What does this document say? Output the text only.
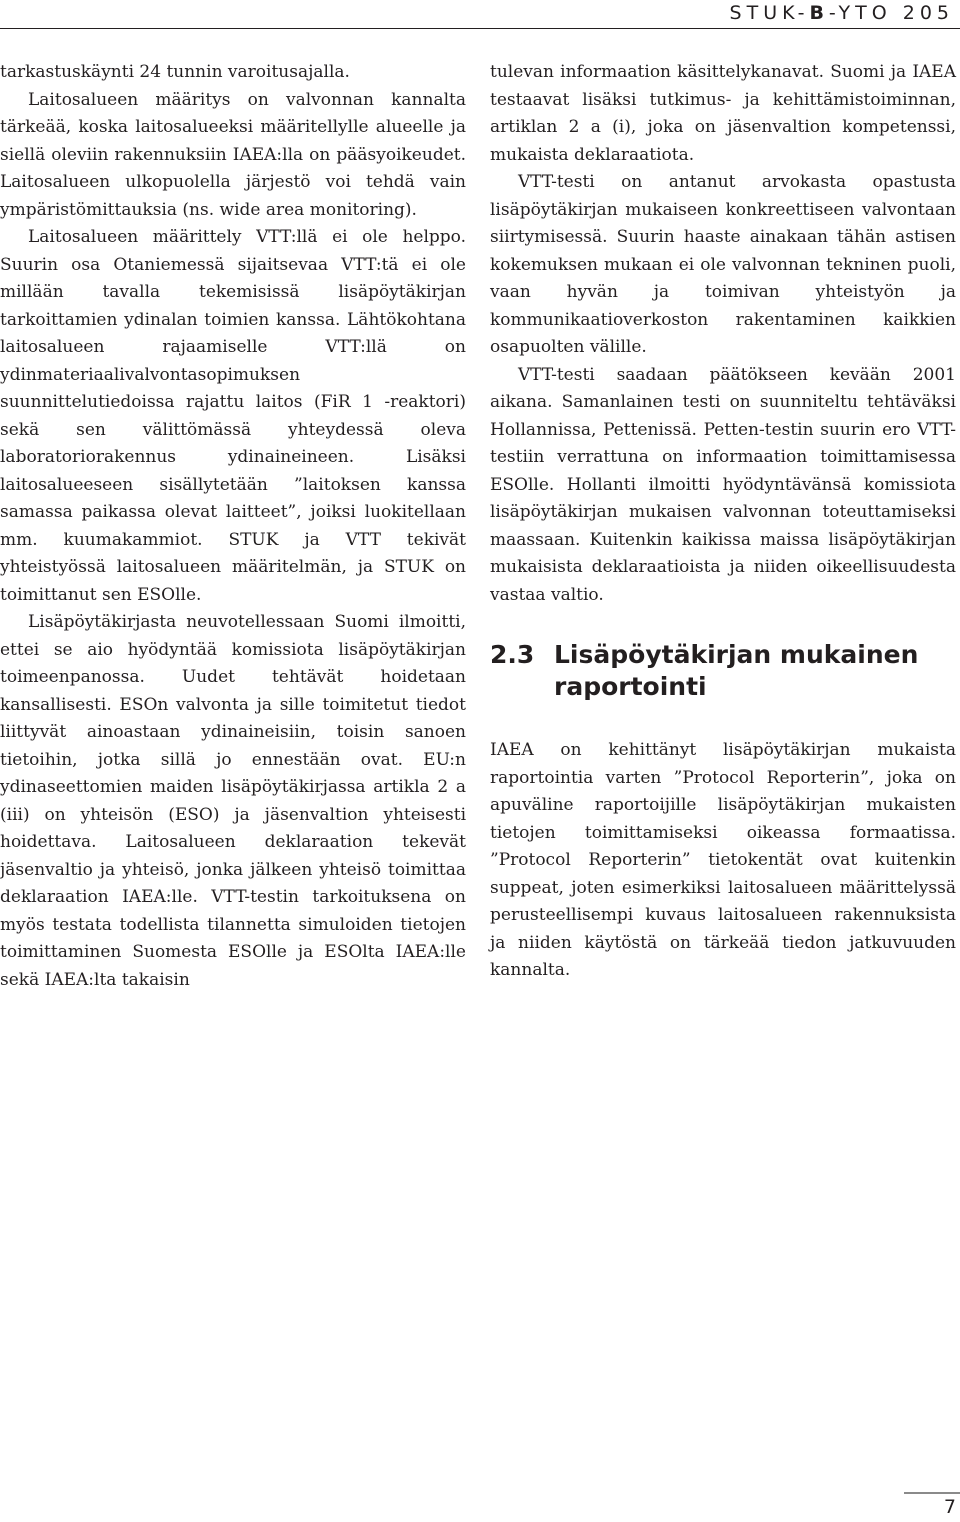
STUK-B-YTO 205

tarkastuskäynti 24 tunnin varoitusajalla.

Laitosalueen määritys on valvonnan kannalta tärkeää, koska laitosalueeksi määritellylle alueelle ja siellä oleviin rakennuksiin IAEA:lla on pääsyoikeudet. Laitosalueen ulkopuolella järjestö voi tehdä vain ympäristömittauksia (ns. wide area monitoring).

Laitosalueen määrittely VTT:llä ei ole helppo. Suurin osa Otaniemessä sijaitsevaa VTT:tä ei ole millään tavalla tekemisissä lisäpöytäkirjan tarkoittamien ydinalan toimien kanssa. Lähtökohtana laitosalueen rajaamiselle VTT:llä on ydinmateriaalivalvontasopimuksen suunnittelutiedoissa rajattu laitos (FiR 1 -reaktori) sekä sen välittömässä yhteydessä oleva laboratoriorakennus ydinaineineen. Lisäksi laitosalueeseen sisällytetään ”laitoksen kanssa samassa paikassa olevat laitteet”, joiksi luokitellaan mm. kuumakammiot. STUK ja VTT tekivät yhteistyössä laitosalueen määritelmän, ja STUK on toimittanut sen ESOlle.

Lisäpöytäkirjasta neuvotellessaan Suomi ilmoitti, ettei se aio hyödyntää komissiota lisäpöytäkirjan toimeenpanossa. Uudet tehtävät hoidetaan kansallisesti. ESOn valvonta ja sille toimitetut tiedot liittyvät ainoastaan ydinaineisiin, toisin sanoen tietoihin, jotka sillä jo ennestään ovat. EU:n ydinaseettomien maiden lisäpöytäkirjassa artikla 2 a (iii) on yhteisön (ESO) ja jäsenvaltion yhteisesti hoidettava. Laitosalueen deklaraation tekevät jäsenvaltio ja yhteisö, jonka jälkeen yhteisö toimittaa deklaraation IAEA:lle. VTT-testin tarkoituksena on myös testata todellista tilannetta simuloiden tietojen toimittaminen Suomesta ESOlle ja ESOlta IAEA:lle sekä IAEA:lta takaisin

tulevan informaation käsittelykanavat. Suomi ja IAEA testaavat lisäksi tutkimus- ja kehittämistoiminnan, artiklan 2 a (i), joka on jäsenvaltion kompetenssi, mukaista deklaraatiota.

VTT-testi on antanut arvokasta opastusta lisäpöytäkirjan mukaiseen konkreettiseen valvontaan siirtymisessä. Suurin haaste ainakaan tähän astisen kokemuksen mukaan ei ole valvonnan tekninen puoli, vaan hyvän ja toimivan yhteistyön ja kommunikaatioverkoston rakentaminen kaikkien osapuolten välille.

VTT-testi saadaan päätökseen kevään 2001 aikana. Samanlainen testi on suunniteltu tehtäväksi Hollannissa, Pettenissä. Petten-testin suurin ero VTT-testiin verrattuna on informaation toimittamisessa ESOlle. Hollanti ilmoitti hyödyntävänsä komissiota lisäpöytäkirjan mukaisen valvonnan toteuttamiseksi maassaan. Kuitenkin kaikissa maissa lisäpöytäkirjan mukaisista deklaraatioista ja niiden oikeellisuudesta vastaa valtio.

2.3 Lisäpöytäkirjan mukainen raportointi

IAEA on kehittänyt lisäpöytäkirjan mukaista raportointia varten ”Protocol Reporterin”, joka on apuväline raportoijille lisäpöytäkirjan mukaisten tietojen toimittamiseksi oikeassa formaatissa. ”Protocol Reporterin” tietokentät ovat kuitenkin suppeat, joten esimerkiksi laitosalueen määrittelyssä perusteellisempi kuvaus laitosalueen rakennuksista ja niiden käytöstä on tärkeää tiedon jatkuvuuden kannalta.

7
